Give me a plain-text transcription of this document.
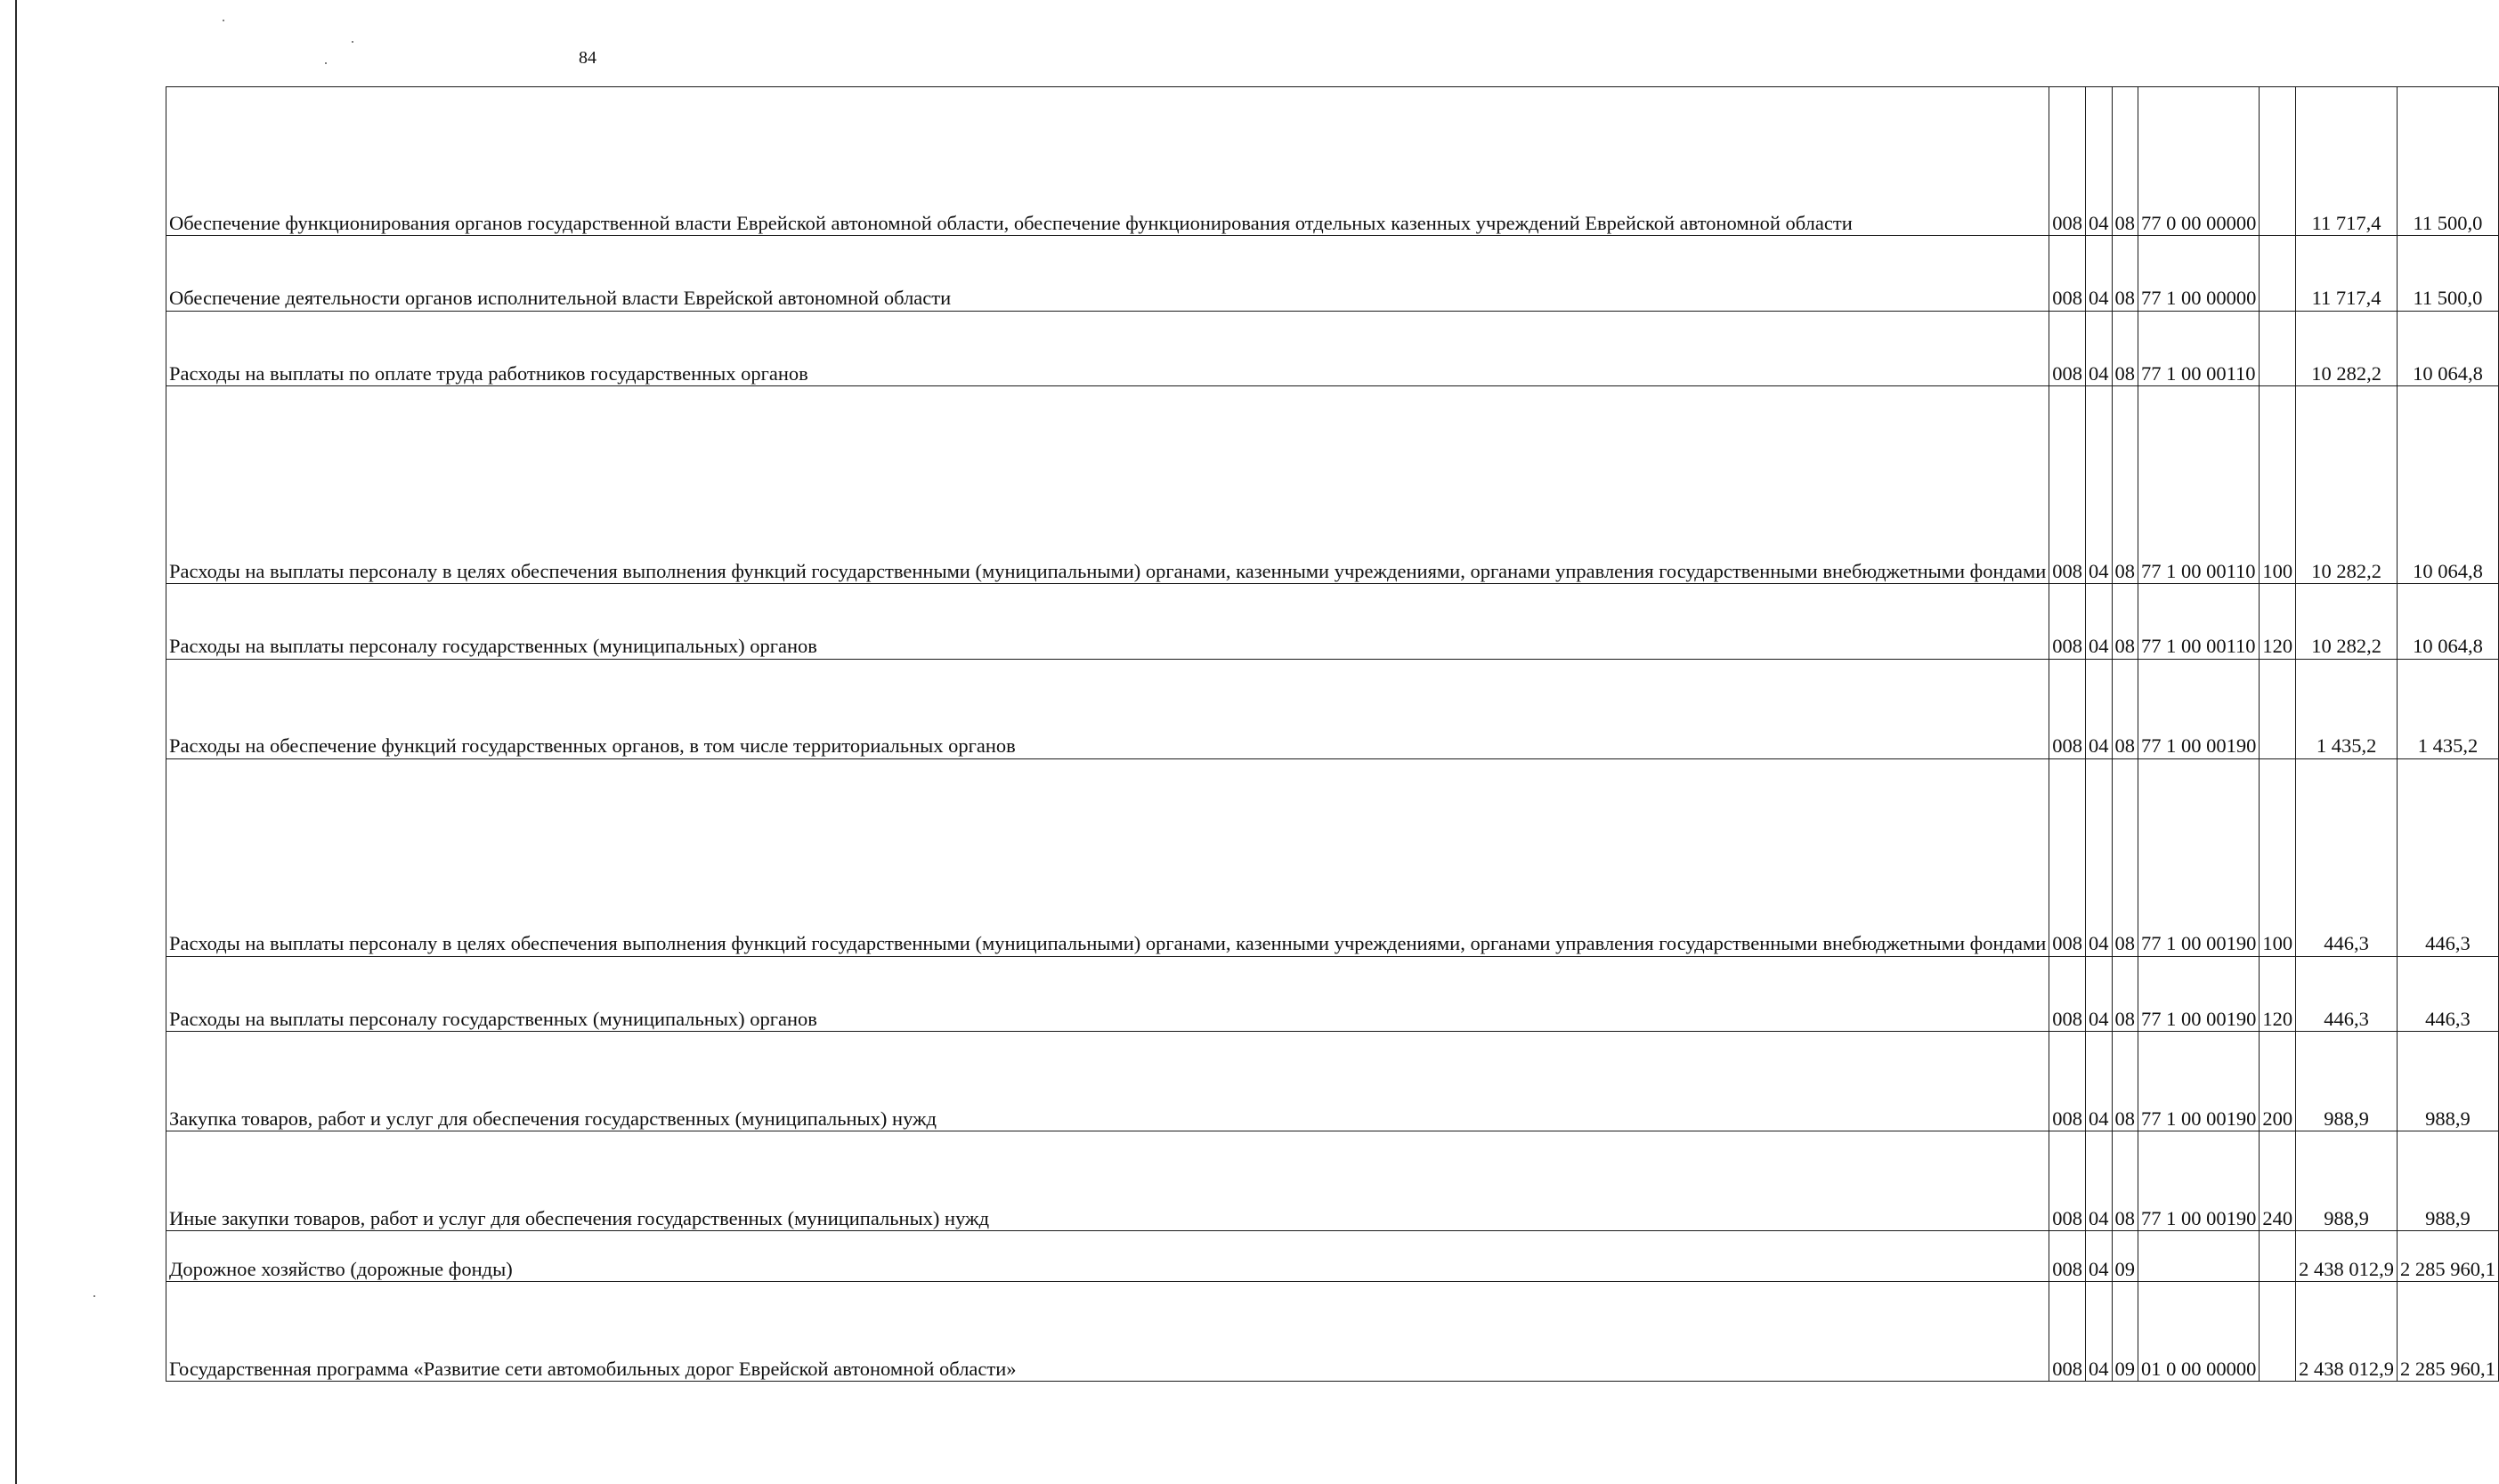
84
Обеспечение функционирования органов государственной власти Еврейской автономной области, обеспечение функционирования отдельных казенных учреждений Еврейской автономной области	008	04	08	77 0 00 00000		11 717,4	11 500,0
Обеспечение деятельности органов исполнительной власти Еврейской автономной области	008	04	08	77 1 00 00000		11 717,4	11 500,0
Расходы на выплаты по оплате труда работников государственных органов	008	04	08	77 1 00 00110		10 282,2	10 064,8
Расходы на выплаты персоналу в целях обеспечения выполнения функций государственными (муниципальными) органами, казенными учреждениями, органами управления государственными внебюджетными фондами	008	04	08	77 1 00 00110	100	10 282,2	10 064,8
Расходы на выплаты персоналу государственных (муниципальных) органов	008	04	08	77 1 00 00110	120	10 282,2	10 064,8
Расходы на обеспечение функций государственных органов, в том числе территориальных органов	008	04	08	77 1 00 00190		1 435,2	1 435,2
Расходы на выплаты персоналу в целях обеспечения выполнения функций государственными (муниципальными) органами, казенными учреждениями, органами управления государственными внебюджетными фондами	008	04	08	77 1 00 00190	100	446,3	446,3
Расходы на выплаты персоналу государственных (муниципальных) органов	008	04	08	77 1 00 00190	120	446,3	446,3
Закупка товаров, работ и услуг для обеспечения государственных (муниципальных) нужд	008	04	08	77 1 00 00190	200	988,9	988,9
Иные закупки товаров, работ и услуг для обеспечения государственных (муниципальных) нужд	008	04	08	77 1 00 00190	240	988,9	988,9
Дорожное хозяйство (дорожные фонды)	008	04	09			2 438 012,9	2 285 960,1
Государственная программа «Развитие сети автомобильных дорог Еврейской автономной области»	008	04	09	01 0 00 00000		2 438 012,9	2 285 960,1
